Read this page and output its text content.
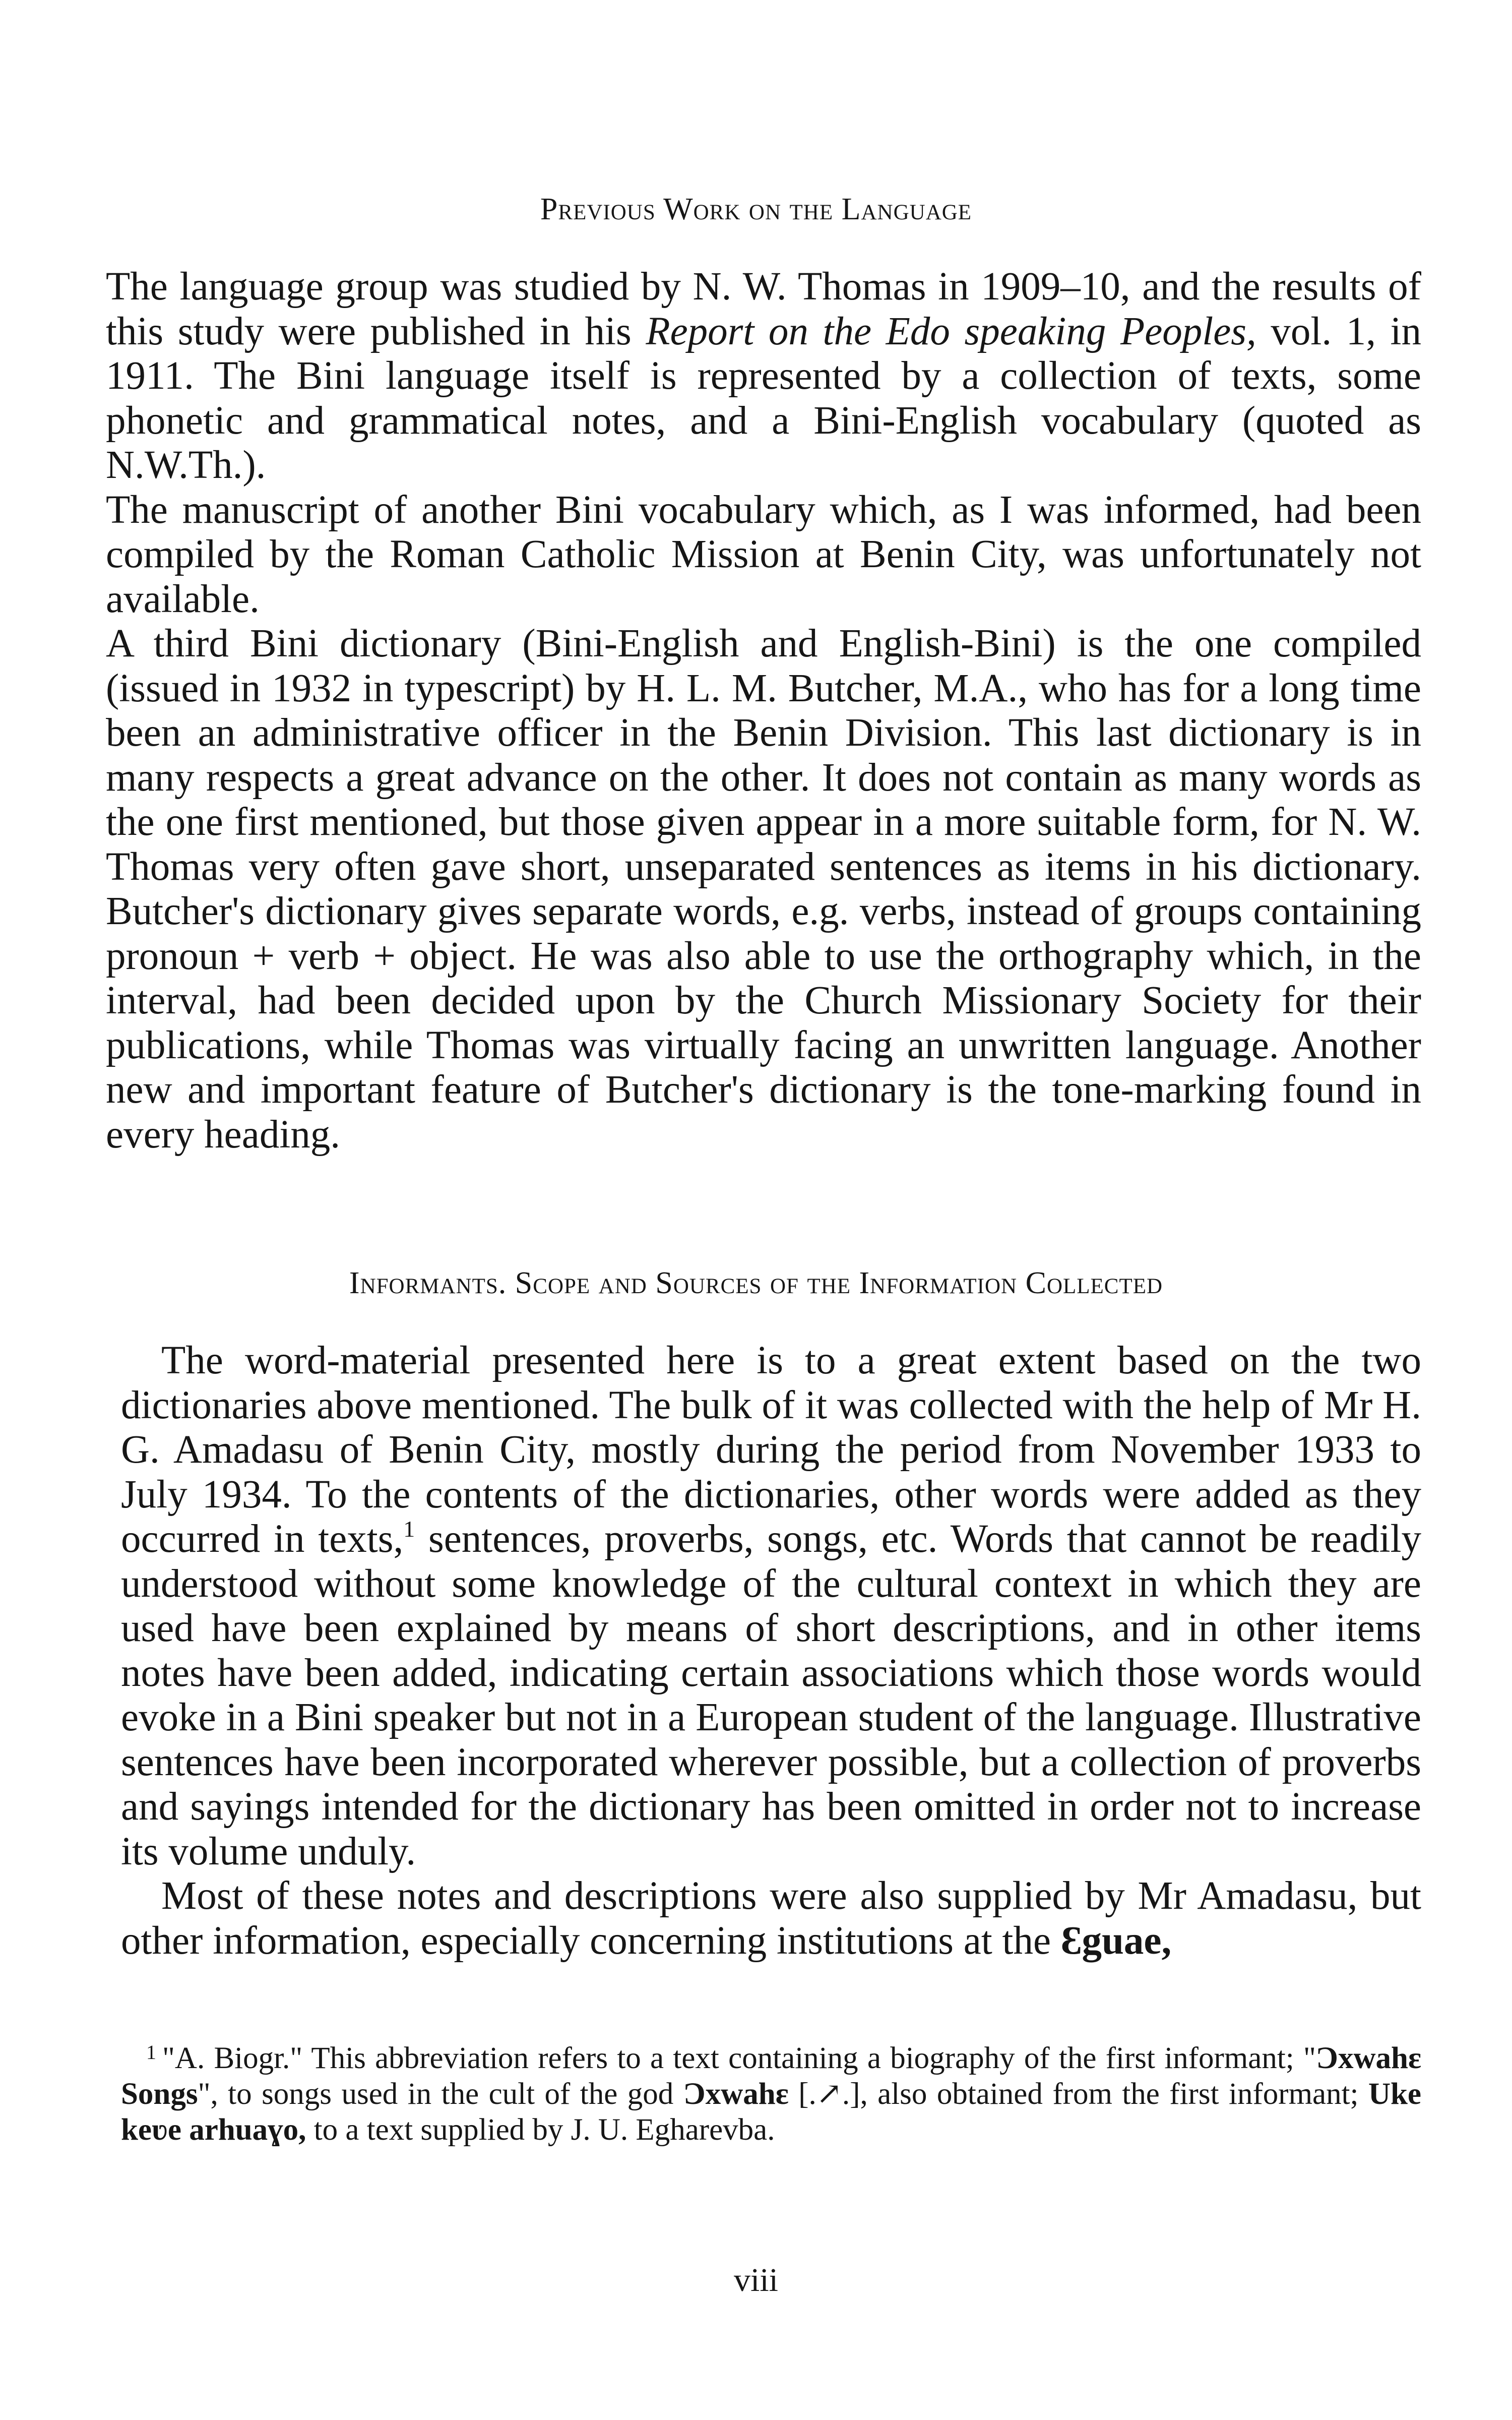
Previous Work on the Language

The language group was studied by N. W. Thomas in 1909–10, and the results of this study were published in his Report on the Edo speaking Peoples, vol. 1, in 1911. The Bini language itself is represented by a collection of texts, some phonetic and grammatical notes, and a Bini-English vocabulary (quoted as N.W.Th.).

The manuscript of another Bini vocabulary which, as I was informed, had been compiled by the Roman Catholic Mission at Benin City, was unfortunately not available.

A third Bini dictionary (Bini-English and English-Bini) is the one compiled (issued in 1932 in typescript) by H. L. M. Butcher, M.A., who has for a long time been an administrative officer in the Benin Division. This last dictionary is in many respects a great advance on the other. It does not contain as many words as the one first mentioned, but those given appear in a more suitable form, for N. W. Thomas very often gave short, unseparated sentences as items in his dictionary. Butcher's dictionary gives separate words, e.g. verbs, instead of groups containing pronoun + verb + object. He was also able to use the orthography which, in the interval, had been decided upon by the Church Missionary Society for their publications, while Thomas was virtually facing an unwritten language. Another new and important feature of Butcher's dictionary is the tone-marking found in every heading.

Informants. Scope and Sources of the Information Collected

The word-material presented here is to a great extent based on the two dictionaries above mentioned. The bulk of it was collected with the help of Mr H. G. Amadasu of Benin City, mostly during the period from November 1933 to July 1934. To the contents of the dictionaries, other words were added as they occurred in texts,$^1$ sentences, proverbs, songs, etc. Words that cannot be readily understood without some knowledge of the cultural context in which they are used have been explained by means of short descriptions, and in other items notes have been added, indicating certain associations which those words would evoke in a Bini speaker but not in a European student of the language. Illustrative sentences have been incorporated wherever possible, but a collection of proverbs and sayings intended for the dictionary has been omitted in order not to increase its volume unduly.

Most of these notes and descriptions were also supplied by Mr Amadasu, but other information, especially concerning institutions at the Ɛguae,

$^1$ "A. Biogr." This abbreviation refers to a text containing a biography of the first informant; "Ɔxwahɛ Songs", to songs used in the cult of the god Ɔxwahɛ [.↗.], also obtained from the first informant; Uke keʋe arhuaɣo, to a text supplied by J. U. Egharevba.

viii
